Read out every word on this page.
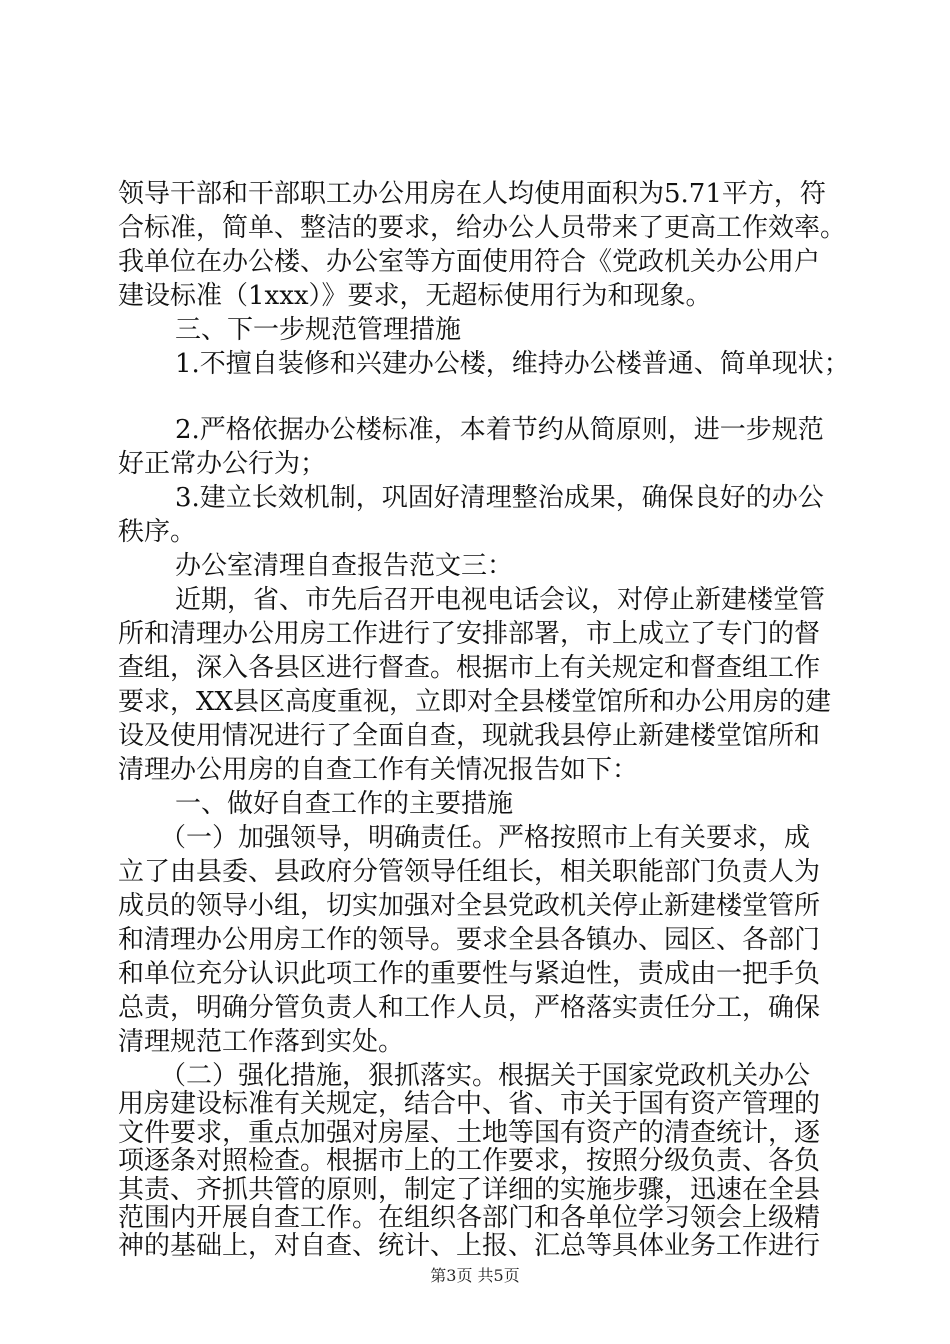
领导干部和干部职工办公用房在人均使用面积为5.71平方，符
合标准，简单、整洁的要求，给办公人员带来了更高工作效率。
我单位在办公楼、办公室等方面使用符合《党政机关办公用户
建设标准（1xxx）》要求，无超标使用行为和现象。
三、下一步规范管理措施
1.不擅自装修和兴建办公楼，维持办公楼普通、简单现状；
2.严格依据办公楼标准，本着节约从简原则，进一步规范
好正常办公行为；
3.建立长效机制，巩固好清理整治成果，确保良好的办公
秩序。
办公室清理自查报告范文三：
近期，省、市先后召开电视电话会议，对停止新建楼堂管
所和清理办公用房工作进行了安排部署，市上成立了专门的督
查组，深入各县区进行督查。根据市上有关规定和督查组工作
要求，XX县区高度重视，立即对全县楼堂馆所和办公用房的建
设及使用情况进行了全面自查，现就我县停止新建楼堂馆所和
清理办公用房的自查工作有关情况报告如下：
一、做好自查工作的主要措施
（一）加强领导，明确责任。严格按照市上有关要求，成
立了由县委、县政府分管领导任组长，相关职能部门负责人为
成员的领导小组，切实加强对全县党政机关停止新建楼堂管所
和清理办公用房工作的领导。要求全县各镇办、园区、各部门
和单位充分认识此项工作的重要性与紧迫性，责成由一把手负
总责，明确分管负责人和工作人员，严格落实责任分工，确保
清理规范工作落到实处。
（二）强化措施，狠抓落实。根据关于国家党政机关办公
用房建设标准有关规定，结合中、省、市关于国有资产管理的
文件要求，重点加强对房屋、土地等国有资产的清查统计，逐
项逐条对照检查。根据市上的工作要求，按照分级负责、各负
其责、齐抓共管的原则，制定了详细的实施步骤，迅速在全县
范围内开展自查工作。在组织各部门和各单位学习领会上级精
第3页 共5页
神的基础上，对自查、统计、上报、汇总等具体业务工作进行
